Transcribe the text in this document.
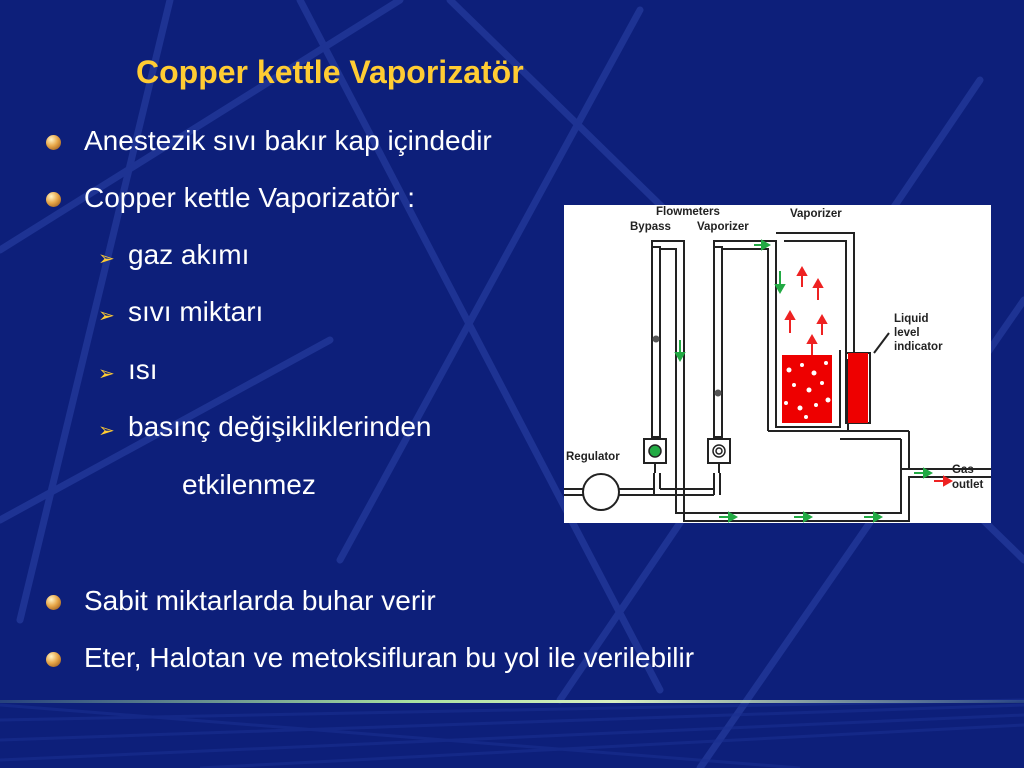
Copper kettle Vaporizatör
Anestezik sıvı bakır kap içindedir
Copper kettle Vaporizatör :
➢ gaz akımı
➢ sıvı miktarı
➢ ısı
➢ basınç değişikliklerinden
etkilenmez
Sabit miktarlarda buhar verir
Eter, Halotan ve metoksifluran bu yol ile verilebilir
Flowmeters
Bypass Vaporizer
Vaporizer
Liquid
level
indicator
Regulator
Gas
outlet
